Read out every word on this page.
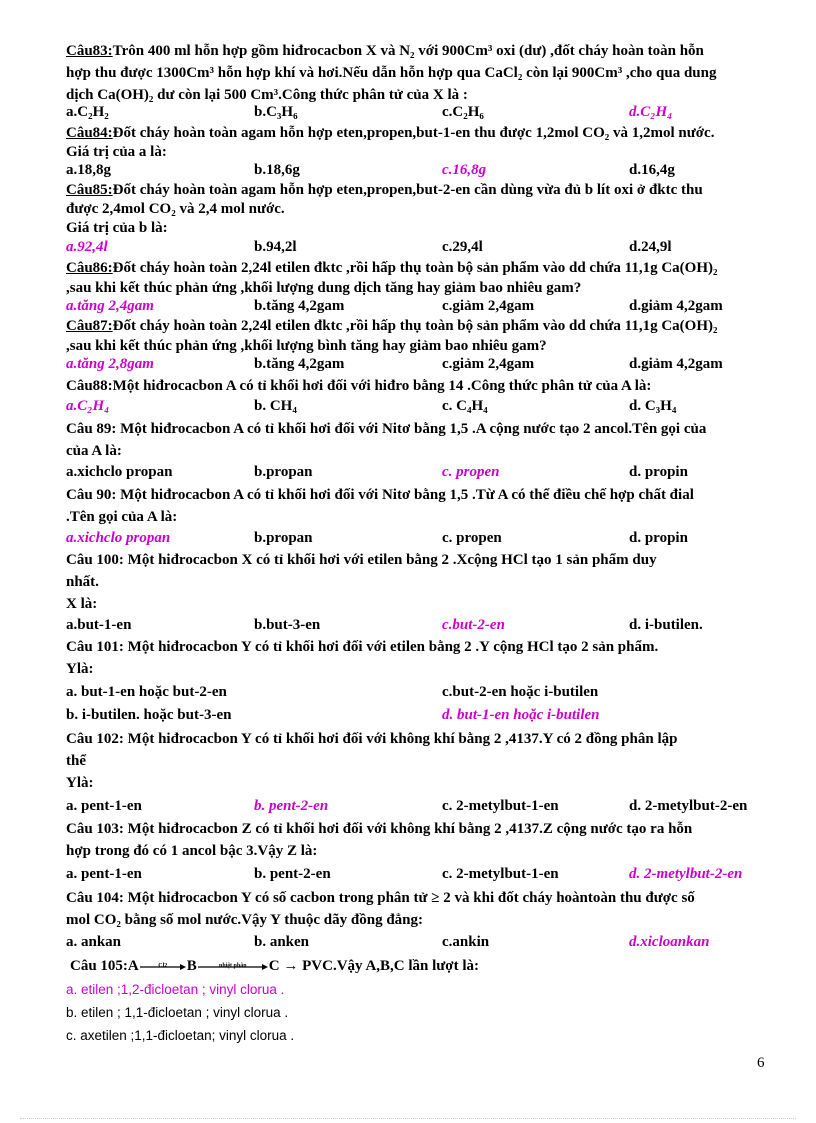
Câu83:Trôn 400 ml hỗn hợp gồm hiđrocacbon X và N₂ với 900Cm³ oxi (dư) ,đốt cháy hoàn toàn hỗn
hợp thu được 1300Cm³ hỗn hợp khí và hơi.Nếu dẫn hỗn hợp qua CaCl₂ còn lại 900Cm³ ,cho qua dung
dịch Ca(OH)₂ dư còn lại 500 Cm³.Công thức phân tử của X là :
a.C₂H₂	b.C₃H₆	c.C₂H₆	d.C₂H₄
Câu84:Đốt cháy hoàn toàn agam hỗn hợp eten,propen,but-1-en thu được 1,2mol CO₂ và 1,2mol nước.
Giá trị của a là:
a.18,8g	b.18,6g	c.16,8g	d.16,4g
Câu85:Đốt cháy hoàn toàn agam hỗn hợp eten,propen,but-2-en cần dùng vừa đủ b lít oxi ở đktc thu
được 2,4mol CO₂ và 2,4 mol nước.
Giá trị của b là:
a.92,4l	b.94,2l	c.29,4l	d.24,9l
Câu86:Đốt cháy hoàn toàn 2,24l etilen đktc ,rồi hấp thụ toàn bộ sản phẩm vào dd chứa 11,1g Ca(OH)₂
,sau khi kết thúc phản ứng ,khối lượng dung dịch tăng hay giảm bao nhiêu gam?
a.tăng 2,4gam	b.tăng 4,2gam	c.giảm 2,4gam	d.giảm 4,2gam
Câu87:Đốt cháy hoàn toàn 2,24l etilen đktc ,rồi hấp thụ toàn bộ sản phẩm vào dd chứa 11,1g Ca(OH)₂
,sau khi kết thúc phản ứng ,khối lượng bình tăng hay giảm bao nhiêu gam?
a.tăng 2,8gam	b.tăng 4,2gam	c.giảm 2,4gam	d.giảm 4,2gam
Câu88:Một hiđrocacbon A có tỉ khối hơi đối với hiđro bằng 14 .Công thức phân tử của A là:
a.C₂H₄	b. CH₄	c. C₄H₄	d. C₃H₄
Câu 89: Một hiđrocacbon A có tỉ khối hơi đối với Nitơ bằng 1,5 .A cộng nước tạo 2 ancol.Tên gọi của
của A là:
a.xichclo propan	b.propan	c. propen	d. propin
Câu 90: Một hiđrocacbon A có tỉ khối hơi đối với Nitơ bằng 1,5 .Từ A có thể điều chế hợp chất đial
.Tên gọi của A là:
a.xichclo propan	b.propan	c. propen	d. propin
Câu 100: Một hiđrocacbon X có tỉ khối hơi với etilen bằng 2 .Xcộng HCl tạo 1 sản phẩm duy
nhất.
X là:
a.but-1-en	b.but-3-en	c.but-2-en	d. i-butilen.
Câu 101: Một hiđrocacbon Y có tỉ khối hơi đối với etilen bằng 2 .Y cộng HCl tạo 2 sản phẩm.
Ylà:
a. but-1-en hoặc but-2-en	c.but-2-en hoặc i-butilen
b. i-butilen. hoặc but-3-en	d. but-1-en hoặc i-butilen
Câu 102: Một hiđrocacbon Y có tỉ khối hơi đối với không khí bằng 2 ,4137.Y có 2 đồng phân lập
thể
Ylà:
a. pent-1-en	b. pent-2-en	c. 2-metylbut-1-en	d. 2-metylbut-2-en
Câu 103: Một hiđrocacbon Z có tỉ khối hơi đối với không khí bằng 2 ,4137.Z cộng nước tạo ra hỗn
hợp trong đó có 1 ancol bậc 3.Vậy Z là:
a. pent-1-en	b. pent-2-en	c. 2-metylbut-1-en	d. 2-metylbut-2-en
Câu 104: Một hiđrocacbon Y có số cacbon trong phân tử ≥ 2 và khi đốt cháy hoàntoàn thu được số
mol CO₂ bằng số mol nước.Vậy Y thuộc dãy đồng đẳng:
a. ankan	b. anken	c.ankin	d.xicloankan
Câu 105:A	Cl2	B	nhiệt phân	C → PVC.Vậy A,B,C lần lượt là:
a. etilen ;1,2-đicloetan ; vinyl clorua .
b. etilen ; 1,1-đicloetan ; vinyl clorua .
c. axetilen ;1,1-đicloetan; vinyl clorua .
6
